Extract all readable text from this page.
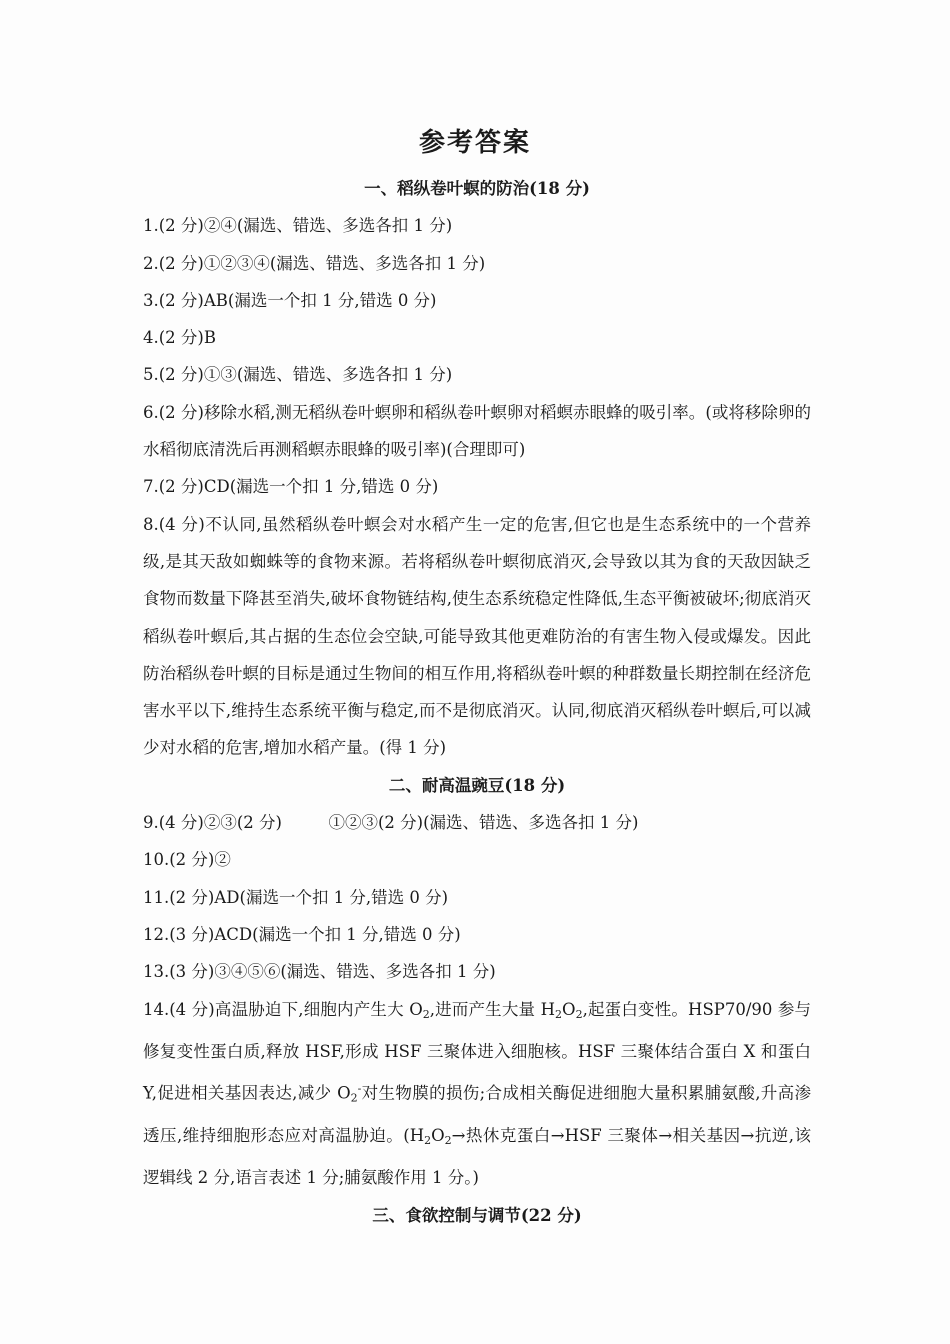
参考答案
一、稻纵卷叶螟的防治(18 分)
1.(2 分)②④(漏选、错选、多选各扣 1 分)
2.(2 分)①②③④(漏选、错选、多选各扣 1 分)
3.(2 分)AB(漏选一个扣 1 分,错选 0 分)
4.(2 分)B
5.(2 分)①③(漏选、错选、多选各扣 1 分)
6.(2 分)移除水稻,测无稻纵卷叶螟卵和稻纵卷叶螟卵对稻螟赤眼蜂的吸引率。(或将移除卵的水稻彻底清洗后再测稻螟赤眼蜂的吸引率)(合理即可)
7.(2 分)CD(漏选一个扣 1 分,错选 0 分)
8.(4 分)不认同,虽然稻纵卷叶螟会对水稻产生一定的危害,但它也是生态系统中的一个营养级,是其天敌如蜘蛛等的食物来源。若将稻纵卷叶螟彻底消灭,会导致以其为食的天敌因缺乏食物而数量下降甚至消失,破坏食物链结构,使生态系统稳定性降低,生态平衡被破坏;彻底消灭稻纵卷叶螟后,其占据的生态位会空缺,可能导致其他更难防治的有害生物入侵或爆发。因此防治稻纵卷叶螟的目标是通过生物间的相互作用,将稻纵卷叶螟的种群数量长期控制在经济危害水平以下,维持生态系统平衡与稳定,而不是彻底消灭。认同,彻底消灭稻纵卷叶螟后,可以减少对水稻的危害,增加水稻产量。(得 1 分)
二、耐高温豌豆(18 分)
9.(4 分)②③(2 分)	①②③(2 分)(漏选、错选、多选各扣 1 分)
10.(2 分)②
11.(2 分)AD(漏选一个扣 1 分,错选 0 分)
12.(3 分)ACD(漏选一个扣 1 分,错选 0 分)
13.(3 分)③④⑤⑥(漏选、错选、多选各扣 1 分)
14.(4 分)高温胁迫下,细胞内产生大 $O_2$,进而产生大量 $H_2O_2$,起蛋白变性。HSP70/90 参与修复变性蛋白质,释放 HSF,形成 HSF 三聚体进入细胞核。HSF 三聚体结合蛋白 X 和蛋白 Y,促进相关基因表达,减少 $O_2^-$对生物膜的损伤;合成相关酶促进细胞大量积累脯氨酸,升高渗透压,维持细胞形态应对高温胁迫。($H_2O_2\to$热休克蛋白→HSF 三聚体→相关基因→抗逆,该逻辑线 2 分,语言表述 1 分;脯氨酸作用 1 分。)
三、食欲控制与调节(22 分)
